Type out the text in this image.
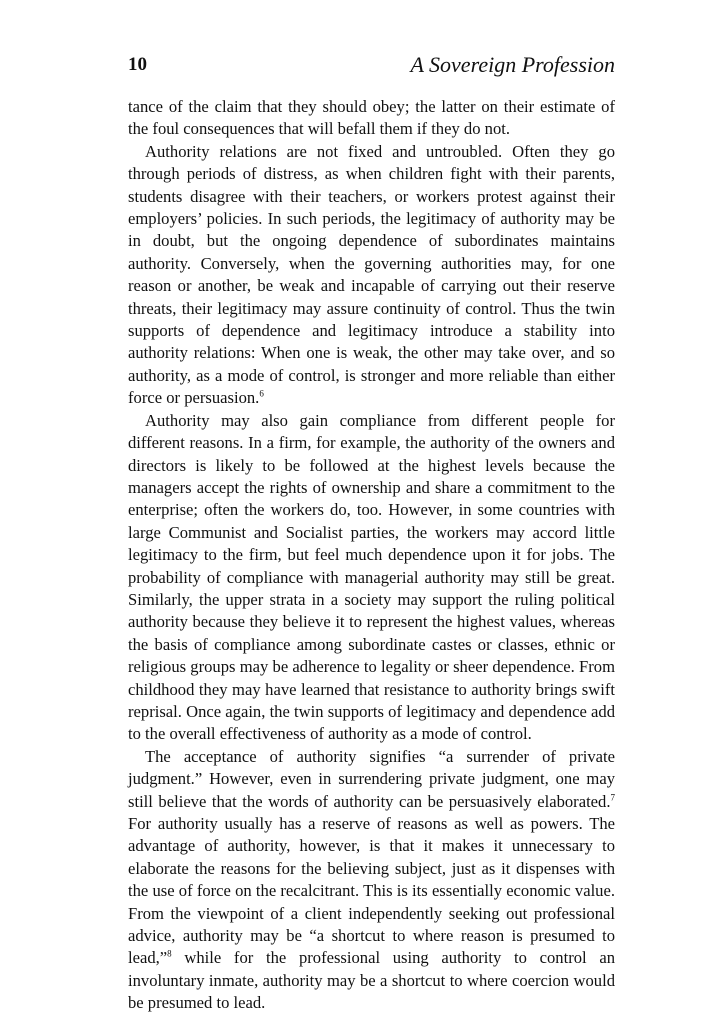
10	A Sovereign Profession

tance of the claim that they should obey; the latter on their estimate of the foul consequences that will befall them if they do not.

Authority relations are not fixed and untroubled. Often they go through periods of distress, as when children fight with their parents, students disagree with their teachers, or workers protest against their employers’ policies. In such periods, the legitimacy of authority may be in doubt, but the ongoing dependence of subordinates maintains authority. Conversely, when the governing authorities may, for one reason or another, be weak and incapable of carrying out their reserve threats, their legitimacy may assure continuity of control. Thus the twin supports of dependence and legitimacy introduce a stability into authority relations: When one is weak, the other may take over, and so authority, as a mode of control, is stronger and more reliable than either force or persuasion.$^6$

Authority may also gain compliance from different people for different reasons. In a firm, for example, the authority of the owners and directors is likely to be followed at the highest levels because the managers accept the rights of ownership and share a commitment to the enterprise; often the workers do, too. However, in some countries with large Communist and Socialist parties, the workers may accord little legitimacy to the firm, but feel much dependence upon it for jobs. The probability of compliance with managerial authority may still be great. Similarly, the upper strata in a society may support the ruling political authority because they believe it to represent the highest values, whereas the basis of compliance among subordinate castes or classes, ethnic or religious groups may be adherence to legality or sheer dependence. From childhood they may have learned that resistance to authority brings swift reprisal. Once again, the twin supports of legitimacy and dependence add to the overall effectiveness of authority as a mode of control.

The acceptance of authority signifies “a surrender of private judgment.” However, even in surrendering private judgment, one may still believe that the words of authority can be persuasively elaborated.$^7$ For authority usually has a reserve of reasons as well as powers. The advantage of authority, however, is that it makes it unnecessary to elaborate the reasons for the believing subject, just as it dispenses with the use of force on the recalcitrant. This is its essentially economic value. From the viewpoint of a client independently seeking out professional advice, authority may be “a shortcut to where reason is presumed to lead,”$^8$ while for the professional using authority to control an involuntary inmate, authority may be a shortcut to where coercion would be presumed to lead.
